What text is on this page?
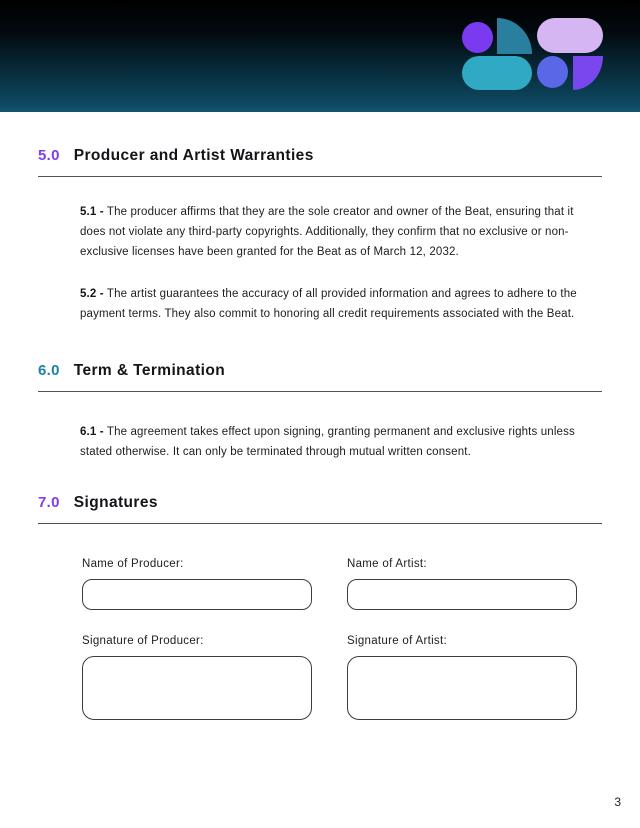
5.0 Producer and Artist Warranties

5.1 - The producer affirms that they are the sole creator and owner of the Beat, ensuring that it does not violate any third-party copyrights. Additionally, they confirm that no exclusive or non-exclusive licenses have been granted for the Beat as of March 12, 2032.

5.2 - The artist guarantees the accuracy of all provided information and agrees to adhere to the payment terms. They also commit to honoring all credit requirements associated with the Beat.

6.0 Term & Termination

6.1 - The agreement takes effect upon signing, granting permanent and exclusive rights unless stated otherwise. It can only be terminated through mutual written consent.

7.0 Signatures
Name of Producer:	Name of Artist:
Signature of Producer:	Signature of Artist:
3
